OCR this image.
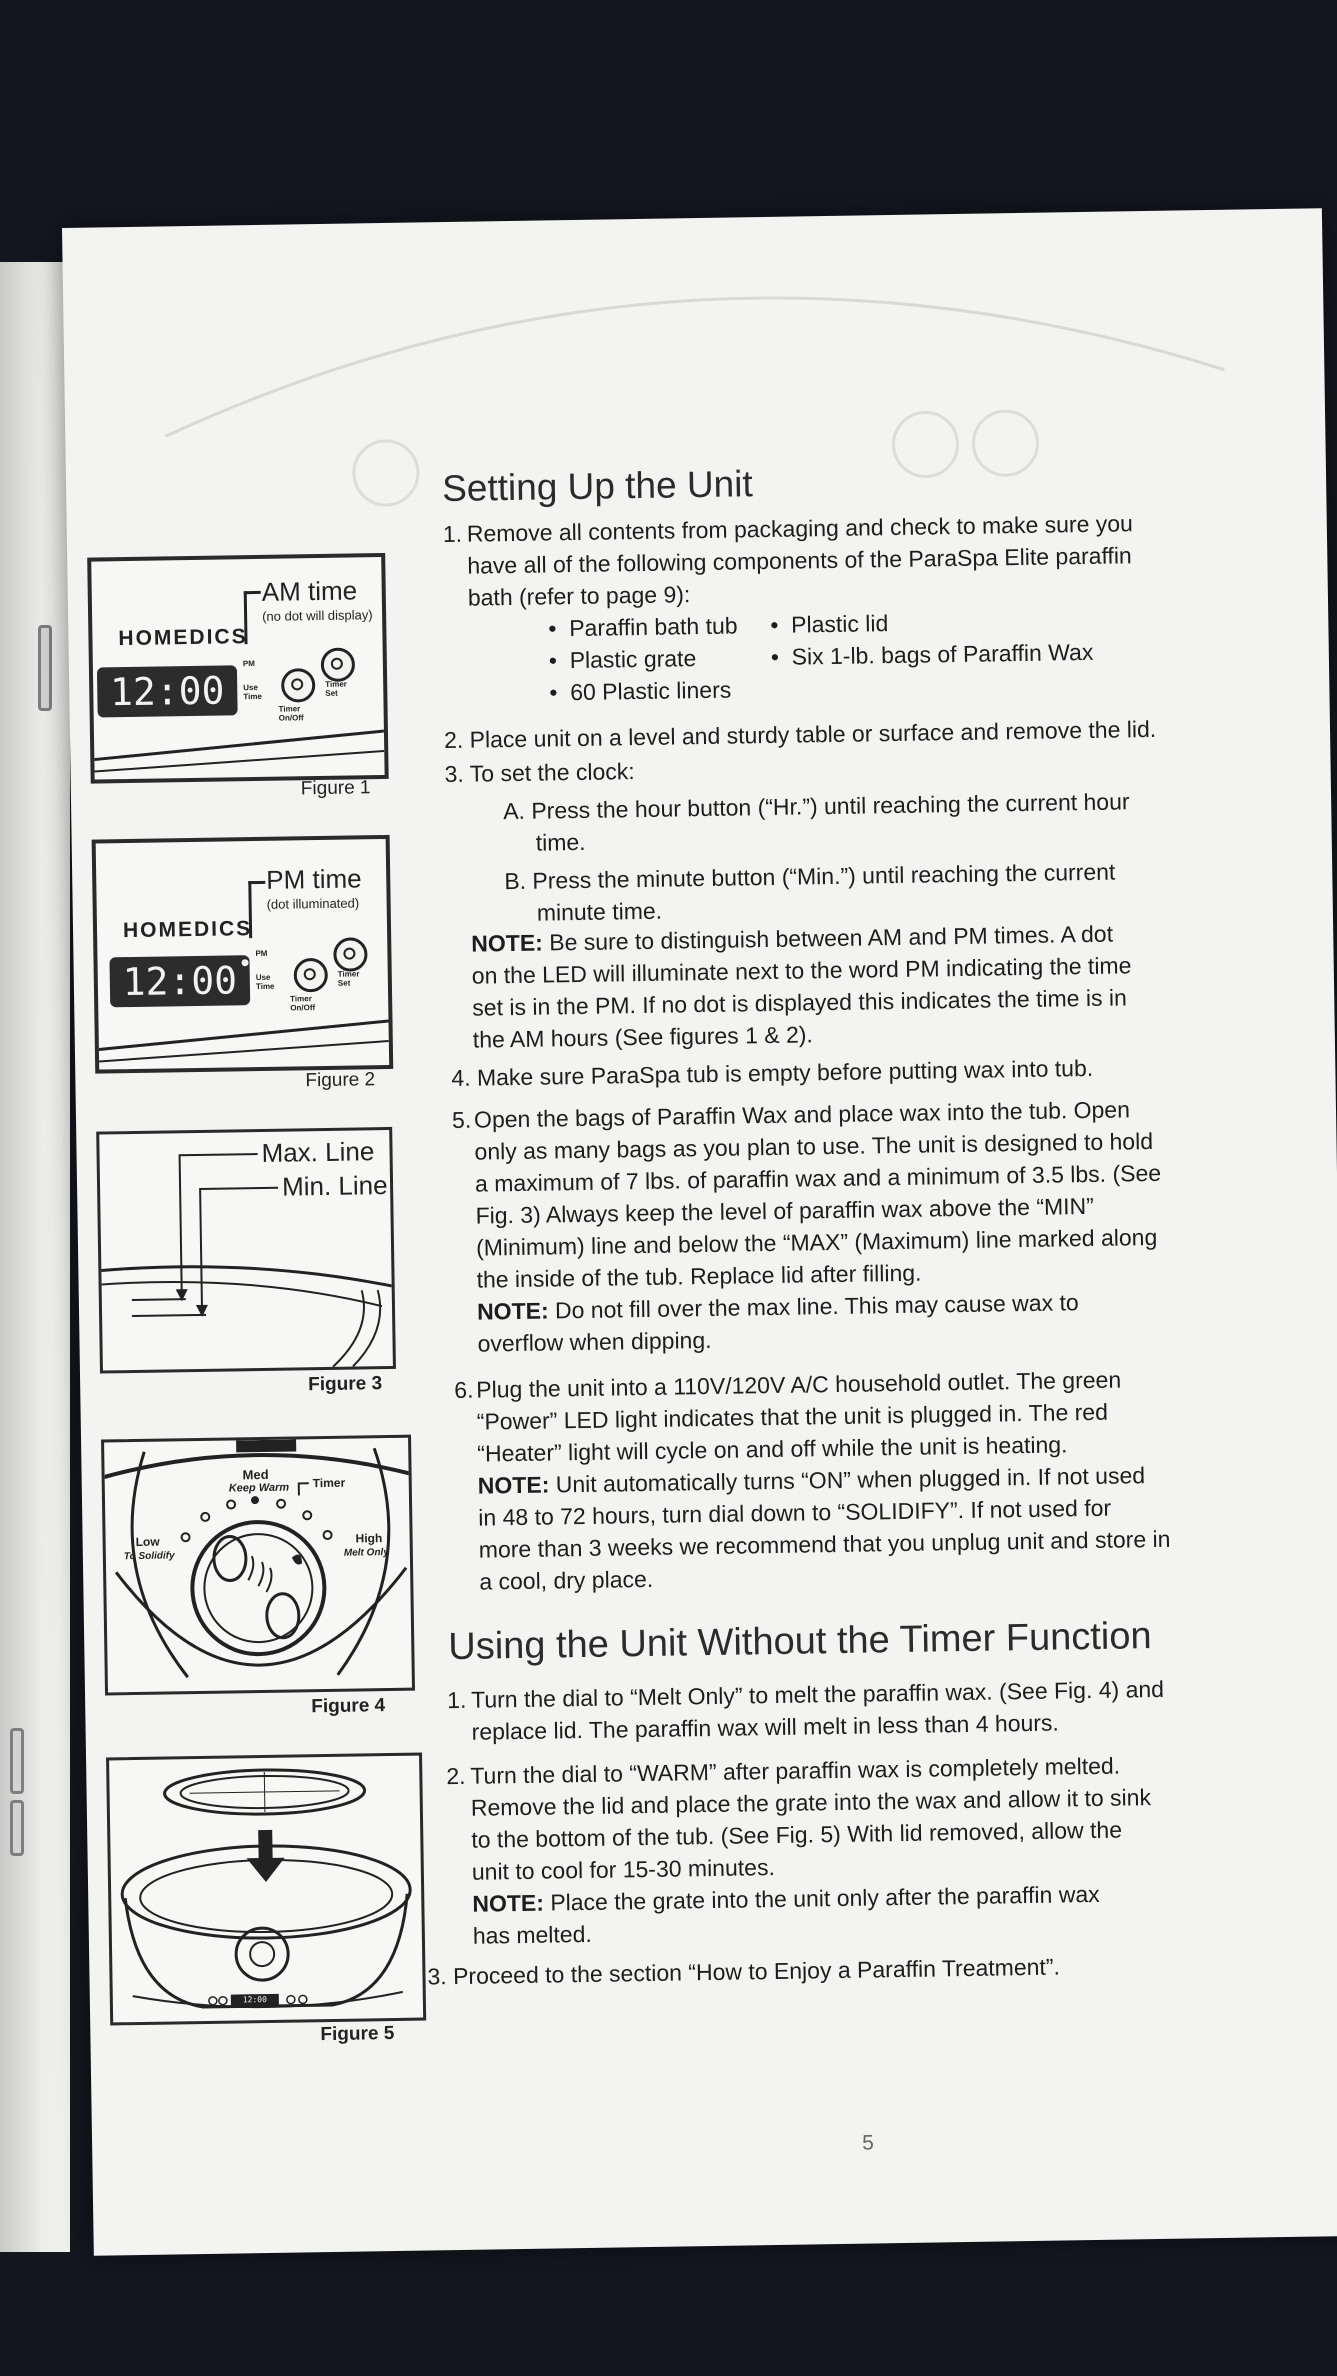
HOMEDICS
12:00
PM
Use Time
Timer On/Off
Timer Set
AM time
(no dot will display)
Figure 1
HOMEDICS
12:00
PM
Use Time
Timer On/Off
Timer Set
PM time
(dot illuminated)
Figure 2
Max. Line
Min. Line
Figure 3
Med
Keep Warm Timer
Low
To Solidify
High
Melt Only
Figure 4
12:00
Figure 5
Setting Up the Unit
1. Remove all contents from packaging and check to make sure you
have all of the following components of the ParaSpa Elite paraffin
bath (refer to page 9):
•  Paraffin bath tub •  Plastic lid
•  Plastic grate	•  Six 1-lb. bags of Paraffin Wax
•  60 Plastic liners
2. Place unit on a level and sturdy table or surface and remove the lid.
3. To set the clock:
A. Press the hour button (“Hr.”) until reaching the current hour
time.
B. Press the minute button (“Min.”) until reaching the current
minute time.
NOTE: Be sure to distinguish between AM and PM times. A dot
on the LED will illuminate next to the word PM indicating the time
set is in the PM. If no dot is displayed this indicates the time is in
the AM hours (See figures 1 & 2).
4. Make sure ParaSpa tub is empty before putting wax into tub.
5. Open the bags of Paraffin Wax and place wax into the tub. Open
only as many bags as you plan to use. The unit is designed to hold
a maximum of 7 lbs. of paraffin wax and a minimum of 3.5 lbs. (See
Fig. 3) Always keep the level of paraffin wax above the “MIN”
(Minimum) line and below the “MAX” (Maximum) line marked along
the inside of the tub. Replace lid after filling.
NOTE: Do not fill over the max line. This may cause wax to
overflow when dipping.
6. Plug the unit into a 110V/120V A/C household outlet. The green
“Power” LED light indicates that the unit is plugged in. The red
“Heater” light will cycle on and off while the unit is heating.
NOTE: Unit automatically turns “ON” when plugged in. If not used
in 48 to 72 hours, turn dial down to “SOLIDIFY”. If not used for
more than 3 weeks we recommend that you unplug unit and store in
a cool, dry place.
Using the Unit Without the Timer Function
1. Turn the dial to “Melt Only” to melt the paraffin wax. (See Fig. 4) and
replace lid. The paraffin wax will melt in less than 4 hours.
2. Turn the dial to “WARM” after paraffin wax is completely melted.
Remove the lid and place the grate into the wax and allow it to sink
to the bottom of the tub. (See Fig. 5) With lid removed, allow the
unit to cool for 15-30 minutes.
NOTE: Place the grate into the unit only after the paraffin wax
has melted.
3. Proceed to the section “How to Enjoy a Paraffin Treatment”.
5
